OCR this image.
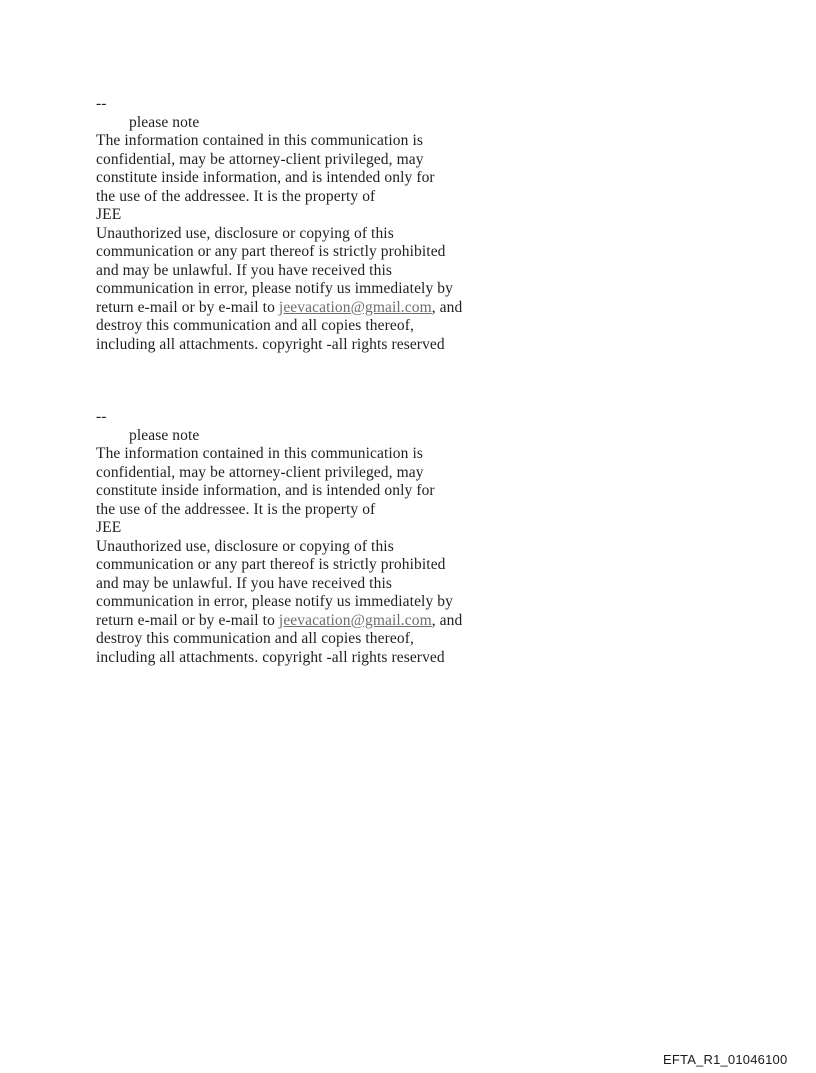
--
please note
The information contained in this communication is
confidential, may be attorney-client privileged, may
constitute inside information, and is intended only for
the use of the addressee. It is the property of
JEE
Unauthorized use, disclosure or copying of this
communication or any part thereof is strictly prohibited
and may be unlawful. If you have received this
communication in error, please notify us immediately by
return e-mail or by e-mail to jeevacation@gmail.com, and
destroy this communication and all copies thereof,
including all attachments. copyright -all rights reserved
--
please note
The information contained in this communication is
confidential, may be attorney-client privileged, may
constitute inside information, and is intended only for
the use of the addressee. It is the property of
JEE
Unauthorized use, disclosure or copying of this
communication or any part thereof is strictly prohibited
and may be unlawful. If you have received this
communication in error, please notify us immediately by
return e-mail or by e-mail to jeevacation@gmail.com, and
destroy this communication and all copies thereof,
including all attachments. copyright -all rights reserved
EFTA_R1_01046100
